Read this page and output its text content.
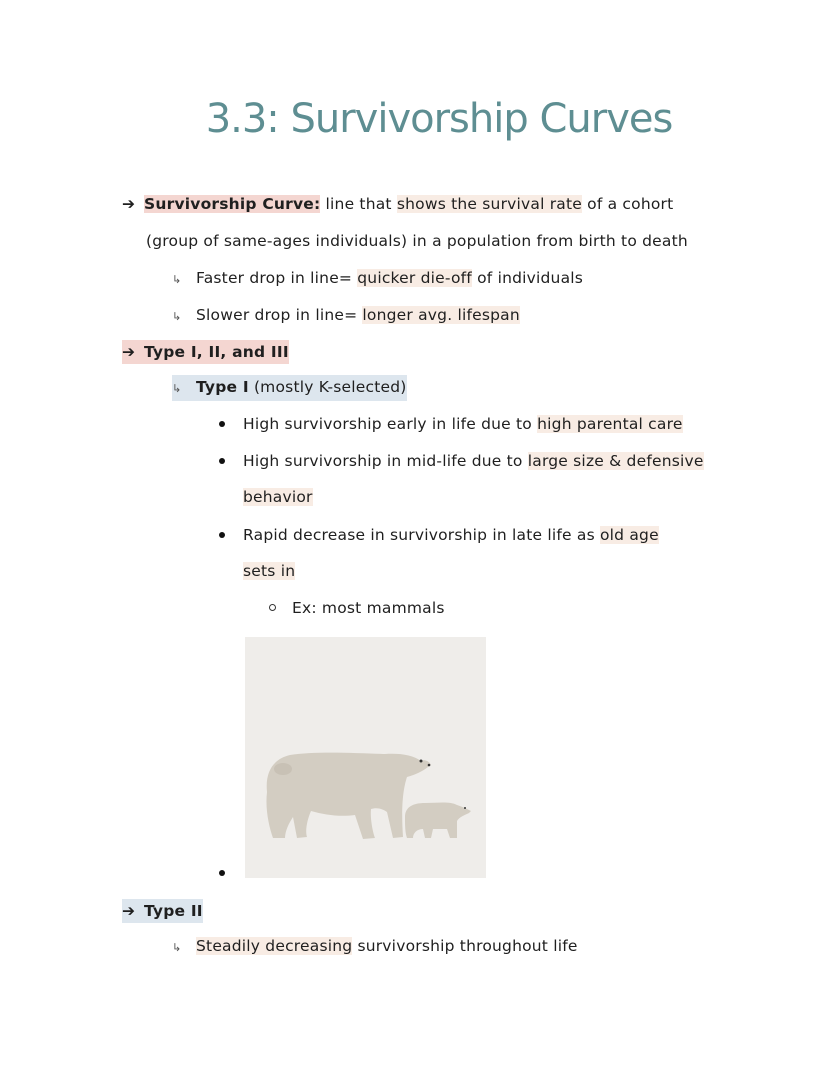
3.3: Survivorship Curves
➔ Survivorship Curve: line that shows the survival rate of a cohort
(group of same-ages individuals) in a population from birth to death
↳ Faster drop in line= quicker die-off of individuals
↳ Slower drop in line= longer avg. lifespan
➔ Type I, II, and III
↳ Type I (mostly K-selected)
High survivorship early in life due to high parental care
High survivorship in mid-life due to large size & defensive
behavior
Rapid decrease in survivorship in late life as old age
sets in
Ex: most mammals
➔ Type II
↳ Steadily decreasing survivorship throughout life
